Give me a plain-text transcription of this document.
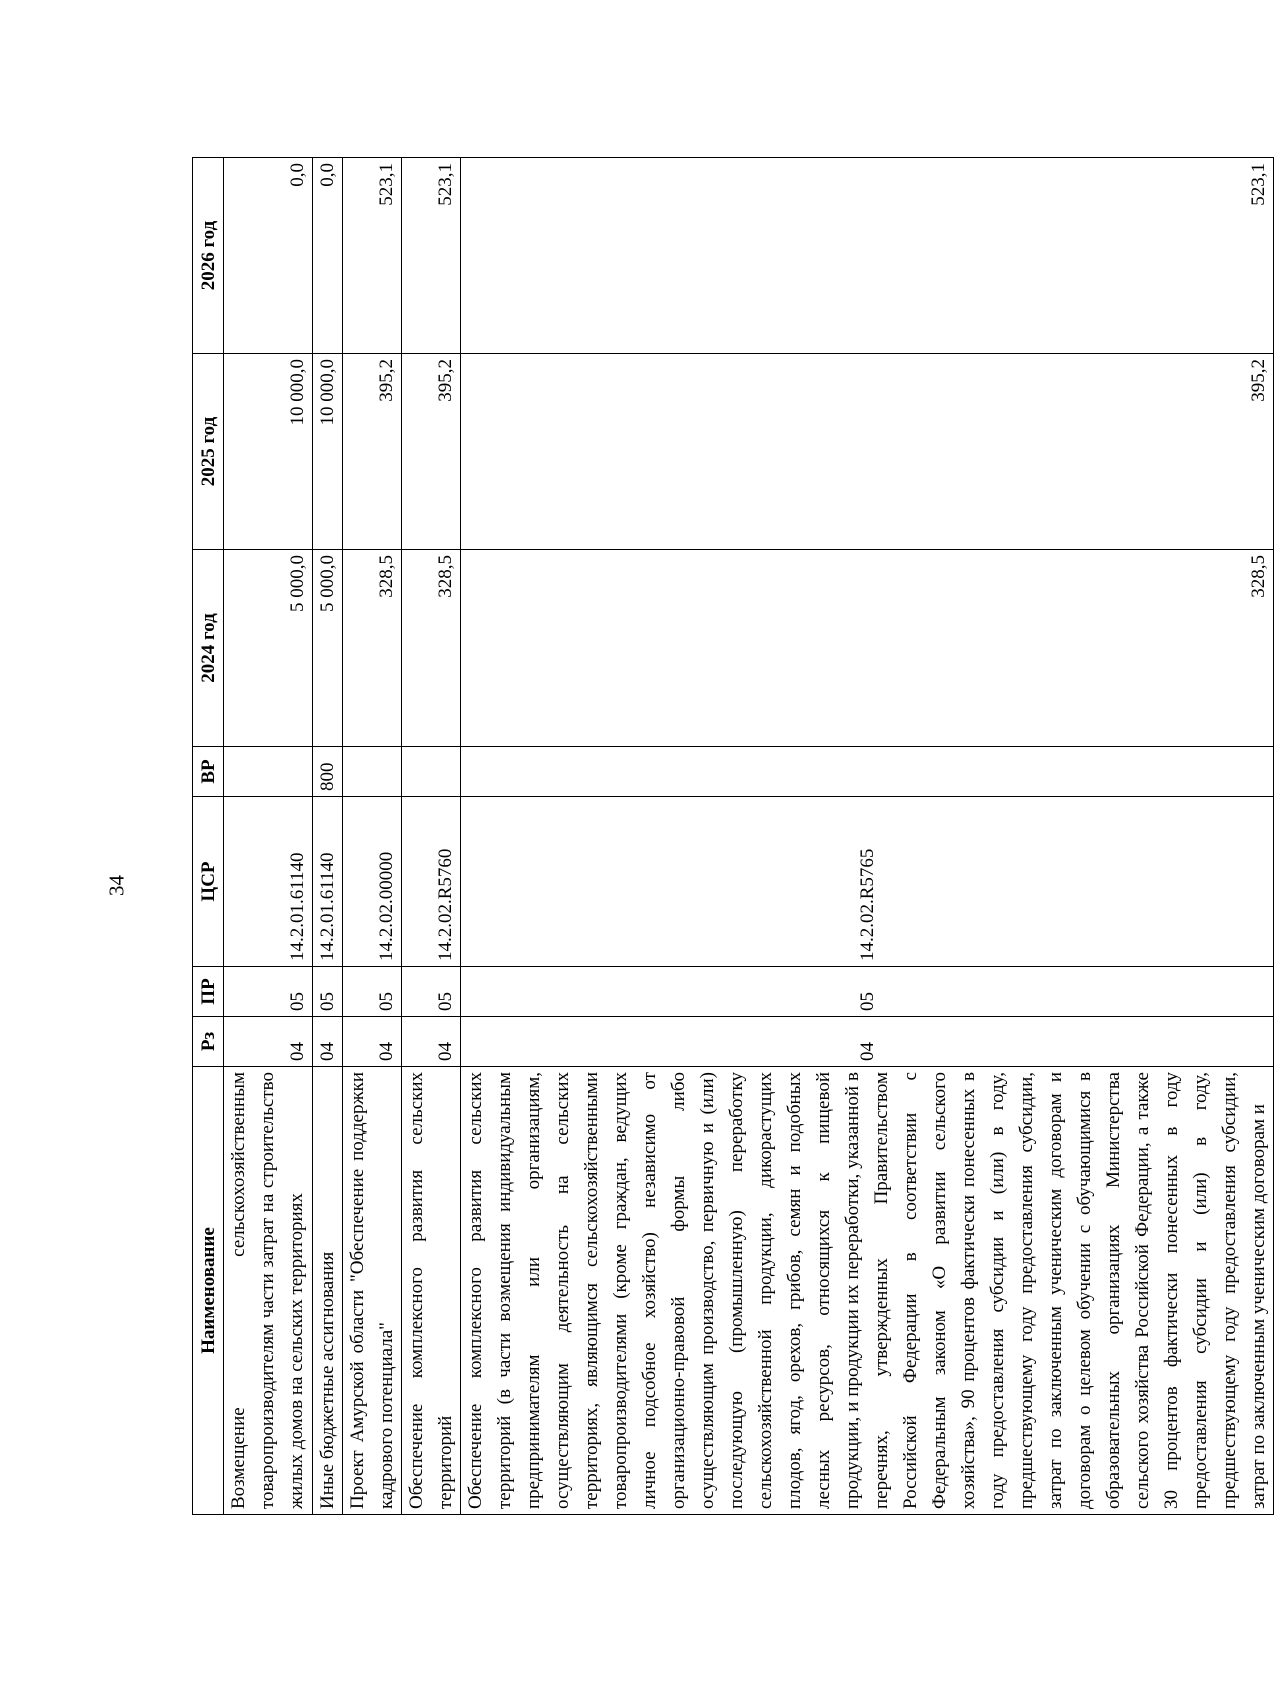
34
Наименование	Рз	ПР	ЦСР	ВР	2024 год	2025 год	2026 год
Возмещение сельскохозяйственным товаропроизводителям части затрат на строительство жилых домов на сельских территориях	04	05	14.2.01.61140		5 000,0	10 000,0	0,0
Иные бюджетные ассигнования	04	05	14.2.01.61140	800	5 000,0	10 000,0	0,0
Проект Амурской области "Обеспечение поддержки кадрового потенциала"	04	05	14.2.02.00000		328,5	395,2	523,1
Обеспечение комплексного развития сельских территорий	04	05	14.2.02.R5760		328,5	395,2	523,1
Обеспечение комплексного развития сельских территорий (в части возмещения индивидуальным предпринимателям или организациям, осуществляющим деятельность на сельских территориях, являющимся сельскохозяйственными товаропроизводителями (кроме граждан, ведущих личное подсобное хозяйство) независимо от организационно-правовой формы либо осуществляющим производство, первичную и (или) последующую (промышленную) переработку сельскохозяйственной продукции, дикорастущих плодов, ягод, орехов, грибов, семян и подобных лесных ресурсов, относящихся к пищевой продукции, и продукции их переработки, указанной в перечнях, утвержденных Правительством Российской Федерации в соответствии с Федеральным законом «О развитии сельского хозяйства», 90 процентов фактически понесенных в году предоставления субсидии и (или) в году, предшествующему году предоставления субсидии, затрат по заключенным ученическим договорам и договорам о целевом обучении с обучающимися в образовательных организациях Министерства сельского хозяйства Российской Федерации, а также 30 процентов фактически понесенных в году предоставления субсидии и (или) в году, предшествующему году предоставления субсидии, затрат по заключенным ученическим договорам и	04	05	14.2.02.R5765		328,5	395,2	523,1
